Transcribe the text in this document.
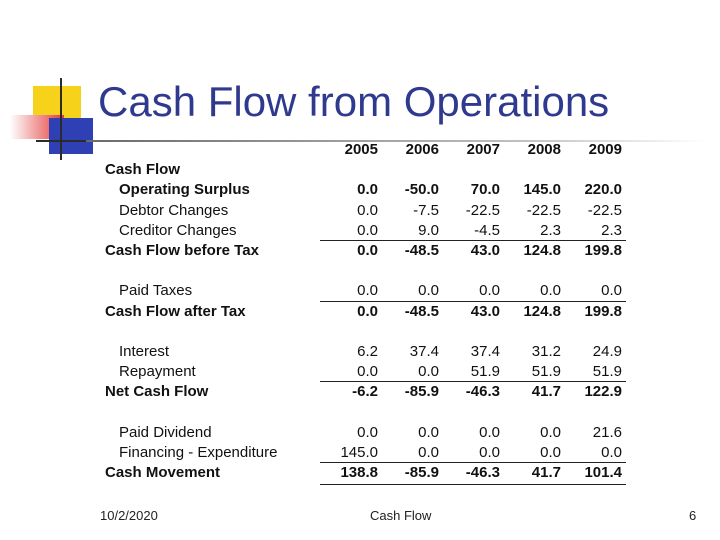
Cash Flow from Operations
2005	2006	2007	2008	2009
Cash Flow
Operating Surplus	0.0	-50.0	70.0	145.0	220.0
Debtor Changes	0.0	-7.5	-22.5	-22.5	-22.5
Creditor Changes	0.0	9.0	-4.5	2.3	2.3
Cash Flow before Tax	0.0	-48.5	43.0	124.8	199.8
Paid Taxes	0.0	0.0	0.0	0.0	0.0
Cash Flow after Tax	0.0	-48.5	43.0	124.8	199.8
Interest	6.2	37.4	37.4	31.2	24.9
Repayment	0.0	0.0	51.9	51.9	51.9
Net Cash Flow	-6.2	-85.9	-46.3	41.7	122.9
Paid Dividend	0.0	0.0	0.0	0.0	21.6
Financing - Expenditure	145.0	0.0	0.0	0.0	0.0
Cash Movement	138.8	-85.9	-46.3	41.7	101.4
10/2/2020	Cash Flow	6
